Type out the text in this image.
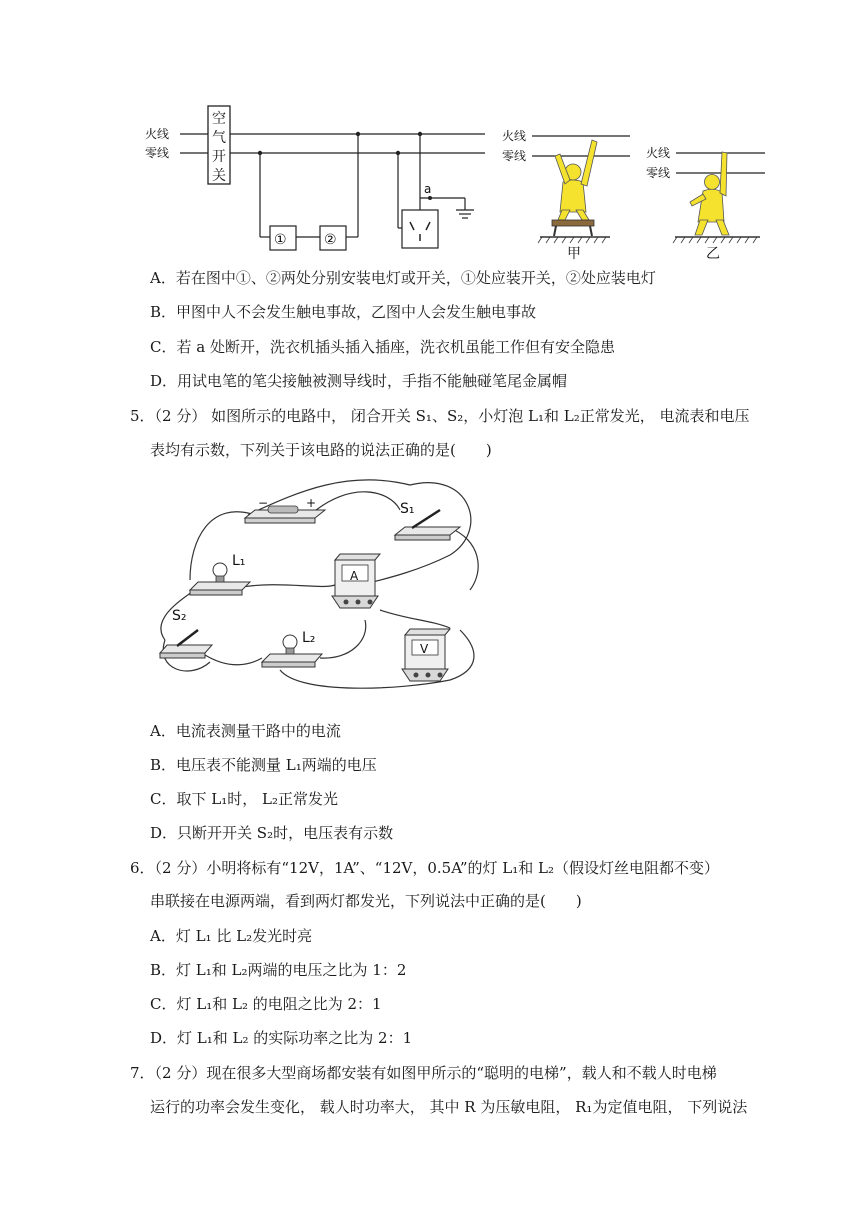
火线
零线
空
气
开
关
①	②
a
火线
零线
甲
火线
零线
乙
A．若在图中①、②两处分别安装电灯或开关，①处应装开关，②处应装电灯
B．甲图中人不会发生触电事故，乙图中人会发生触电事故
C．若 a 处断开，洗衣机插头插入插座，洗衣机虽能工作但有安全隐患
D．用试电笔的笔尖接触被测导线时，手指不能触碰笔尾金属帽
5．（2 分） 如图所示的电路中， 闭合开关 S₁、S₂，小灯泡 L₁和 L₂正常发光， 电流表和电压
表均有示数，下列关于该电路的说法正确的是(　　)
−	+	S₁
L₁
A
S₂
L₂
V
A．电流表测量干路中的电流
B．电压表不能测量 L₁两端的电压
C．取下 L₁时， L₂正常发光
D．只断开开关 S₂时，电压表有示数
6．（2 分）小明将标有“12V，1A”、“12V，0.5A”的灯 L₁和 L₂（假设灯丝电阻都不变）
串联接在电源两端，看到两灯都发光，下列说法中正确的是(　　)
A．灯 L₁ 比 L₂发光时亮
B．灯 L₁和 L₂两端的电压之比为 1：2
C．灯 L₁和 L₂ 的电阻之比为 2：1
D．灯 L₁和 L₂ 的实际功率之比为 2：1
7．（2 分）现在很多大型商场都安装有如图甲所示的“聪明的电梯”，载人和不载人时电梯
运行的功率会发生变化， 载人时功率大， 其中 R 为压敏电阻， R₁为定值电阻， 下列说法
